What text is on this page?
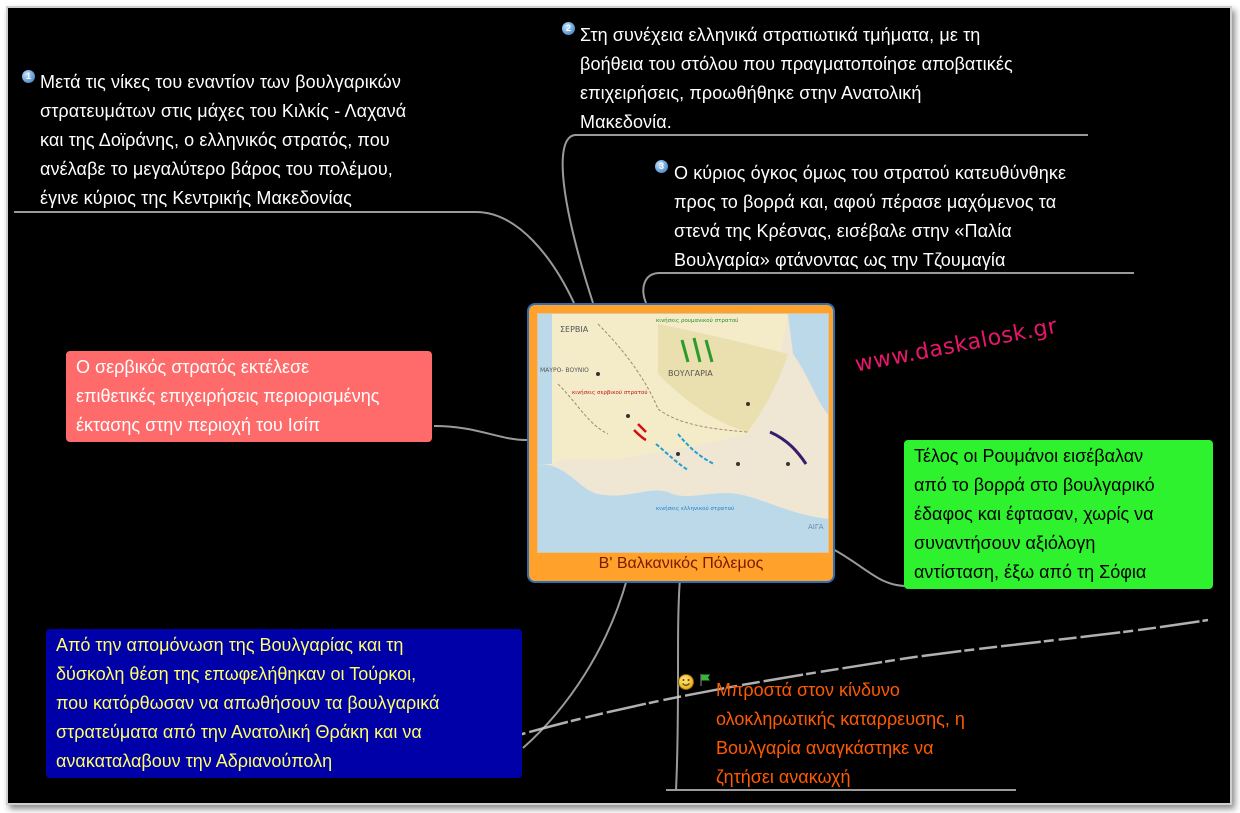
1 Μετά τις νίκες του εναντίον των βουλγαρικών
στρατευμάτων στις μάχες του Κιλκίς - Λαχανά
και της Δοϊράνης, ο ελληνικός στρατός, που
ανέλαβε το μεγαλύτερο βάρος του πολέμου,
έγινε κύριος της Κεντρικής Μακεδονίας
2 Στη συνέχεια ελληνικά στρατιωτικά τμήματα, με τη
βοήθεια του στόλου που πραγματοποίησε αποβατικές
επιχειρήσεις, προωθήθηκε στην Ανατολική
Μακεδονία.
3 Ο κύριος όγκος όμως του στρατού κατευθύνθηκε
προς το βορρά και, αφού πέρασε μαχόμενος τα
στενά της Κρέσνας, εισέβαλε στην «Παλία
Βουλγαρία» φτάνοντας ως την Τζουμαγία
Ο σερβικός στρατός εκτέλεσε
επιθετικές επιχειρήσεις περιορισμένης
έκτασης στην περιοχή του Ισίπ
ΣΕΡΒΙΑ
ΒΟΥΛΓΑΡΙΑ
ΜΑΥΡΟ- ΒΟΥΝΙΟ
κινήσεις ρουμανικού στρατού
κινήσεις σερβικού στρατού
κινήσεις ελληνικού στρατού
ΑΙΓΑ
Β' Βαλκανικός Πόλεμος
www.daskalosk.gr
Τέλος οι Ρουμάνοι εισέβαλαν
από το βορρά στο βουλγαρικό
έδαφος και έφτασαν, χωρίς να
συναντήσουν αξιόλογη
αντίσταση, έξω από τη Σόφια
Από την απομόνωση της Βουλγαρίας και τη
δύσκολη θέση της επωφελήθηκαν οι Τούρκοι,
που κατόρθωσαν να απωθήσουν τα βουλγαρικά
στρατεύματα από την Ανατολική Θράκη και να
ανακαταλαβουν την Αδριανούπολη
Μπροστά στον κίνδυνο
ολοκληρωτικής καταρρευσης, η
Βουλγαρία αναγκάστηκε να
ζητήσει ανακωχή
